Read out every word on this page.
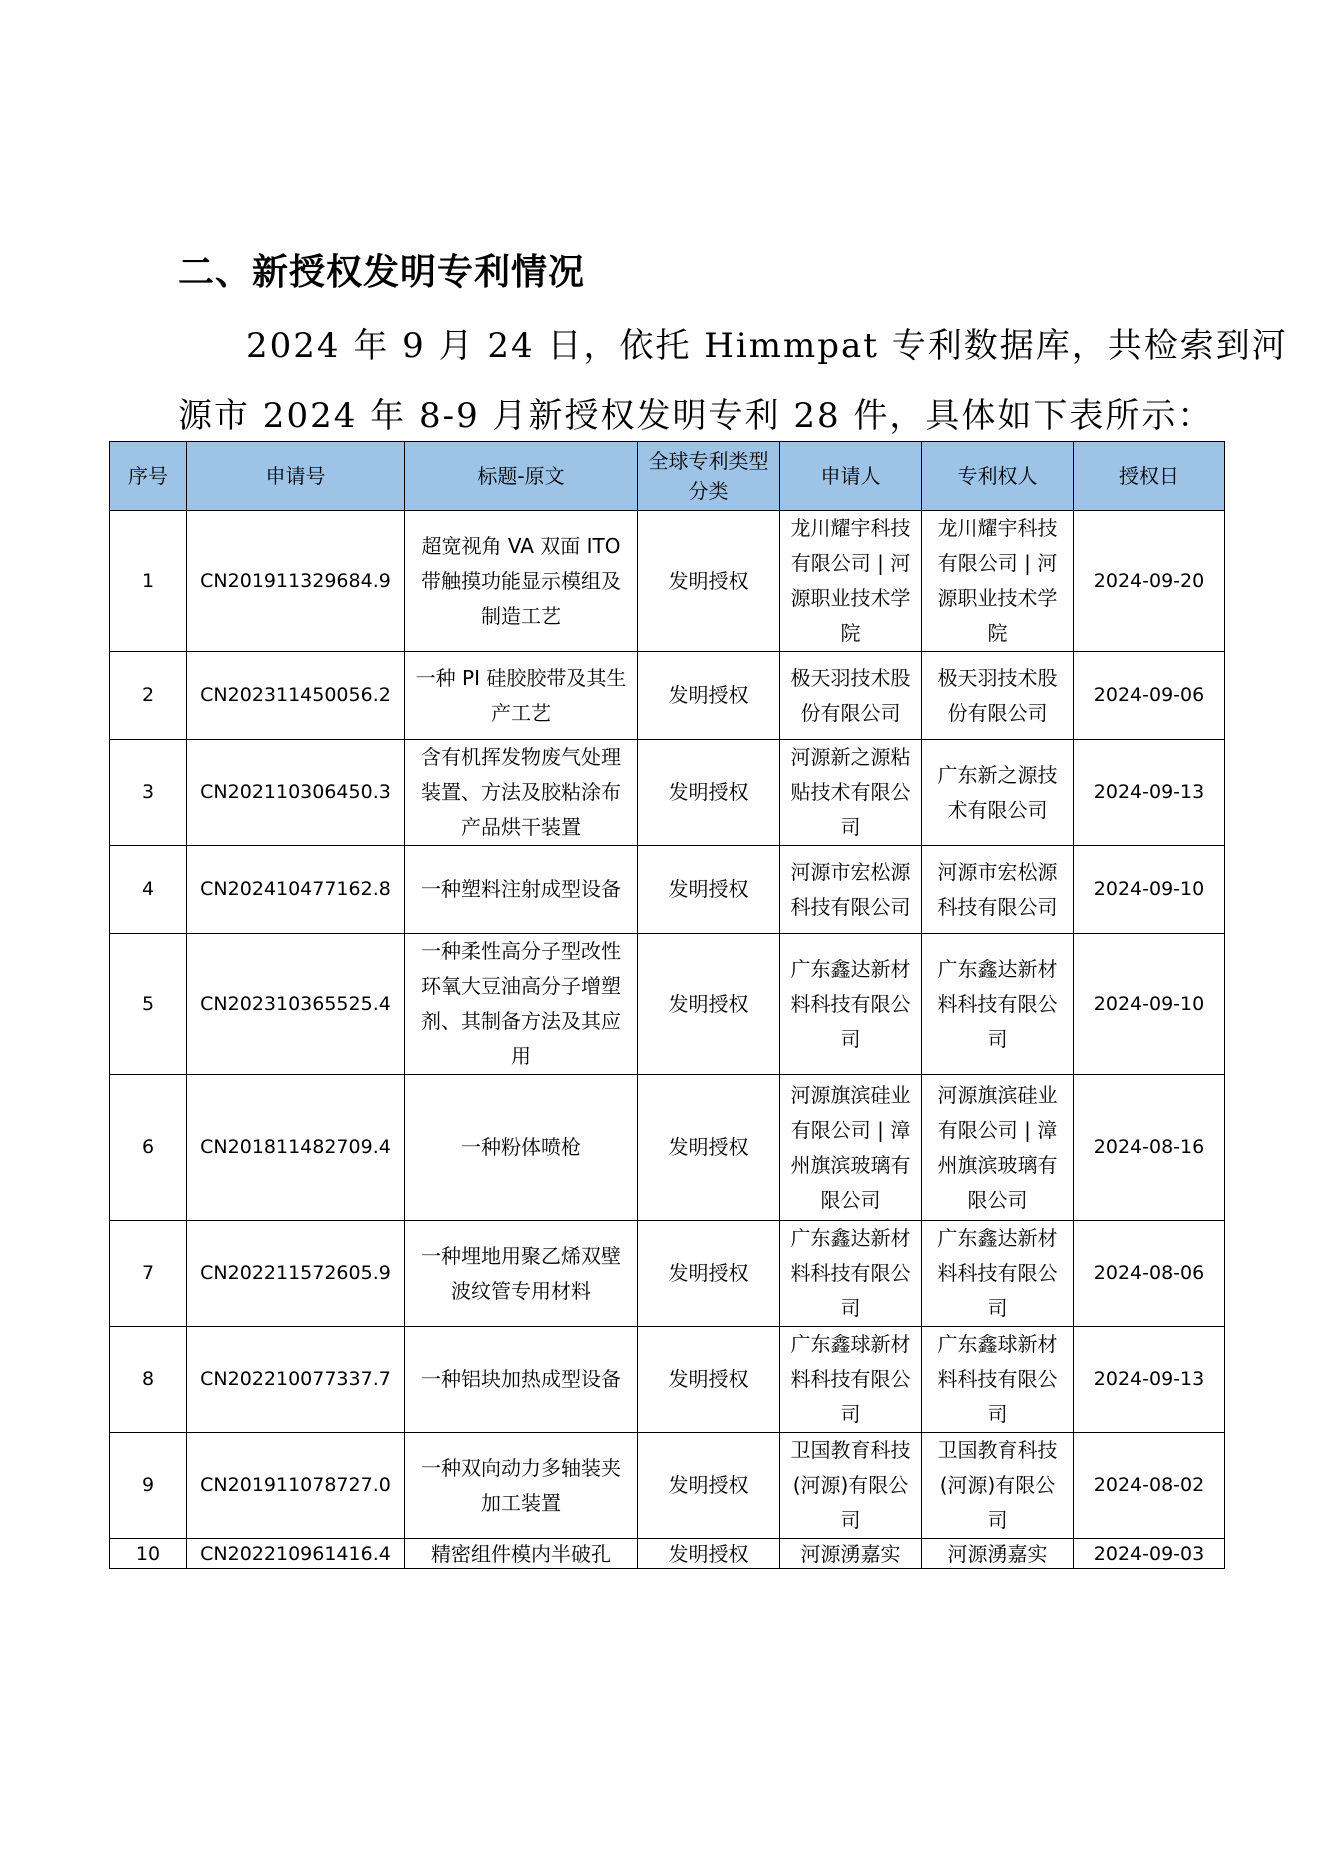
二、新授权发明专利情况
2024 年 9 月 24 日，依托 Himmpat 专利数据库，共检索到河
源市 2024 年 8-9 月新授权发明专利 28 件，具体如下表所示：
序号	申请号	标题-原文	全球专利类型分类	申请人	专利权人	授权日
1	CN201911329684.9	超宽视角 VA 双面 ITO 带触摸功能显示模组及制造工艺	发明授权	龙川耀宇科技有限公司 | 河源职业技术学院	龙川耀宇科技有限公司 | 河源职业技术学院	2024-09-20
2	CN202311450056.2	一种 PI 硅胶胶带及其生产工艺	发明授权	极天羽技术股份有限公司	极天羽技术股份有限公司	2024-09-06
3	CN202110306450.3	含有机挥发物废气处理装置、方法及胶粘涂布产品烘干装置	发明授权	河源新之源粘贴技术有限公司	广东新之源技术有限公司	2024-09-13
4	CN202410477162.8	一种塑料注射成型设备	发明授权	河源市宏松源科技有限公司	河源市宏松源科技有限公司	2024-09-10
5	CN202310365525.4	一种柔性高分子型改性环氧大豆油高分子增塑剂、其制备方法及其应用	发明授权	广东鑫达新材料科技有限公司	广东鑫达新材料科技有限公司	2024-09-10
6	CN201811482709.4	一种粉体喷枪	发明授权	河源旗滨硅业有限公司 | 漳州旗滨玻璃有限公司	河源旗滨硅业有限公司 | 漳州旗滨玻璃有限公司	2024-08-16
7	CN202211572605.9	一种埋地用聚乙烯双壁波纹管专用材料	发明授权	广东鑫达新材料科技有限公司	广东鑫达新材料科技有限公司	2024-08-06
8	CN202210077337.7	一种铝块加热成型设备	发明授权	广东鑫球新材料科技有限公司	广东鑫球新材料科技有限公司	2024-09-13
9	CN201911078727.0	一种双向动力多轴装夹加工装置	发明授权	卫国教育科技(河源)有限公司	卫国教育科技(河源)有限公司	2024-08-02
10	CN202210961416.4	精密组件模内半破孔	发明授权	河源湧嘉实	河源湧嘉实	2024-09-03
